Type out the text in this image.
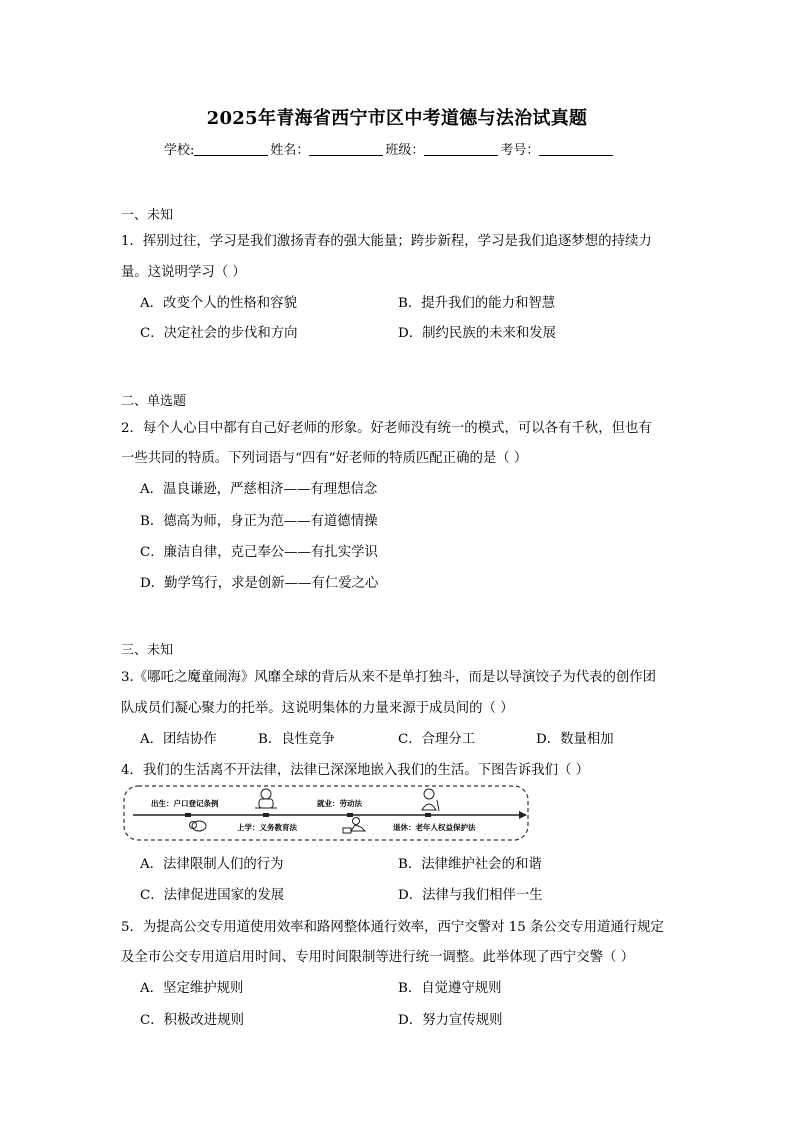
2025年青海省西宁市区中考道德与法治试真题
学校:	姓名：	班级：	考号：
一、未知
1．挥别过往，学习是我们激扬青春的强大能量；跨步新程，学习是我们追逐梦想的持续力
量。这说明学习（ ）
A．改变个人的性格和容貌	B．提升我们的能力和智慧
C．决定社会的步伐和方向	D．制约民族的未来和发展
二、单选题
2．每个人心目中都有自己好老师的形象。好老师没有统一的模式，可以各有千秋，但也有
一些共同的特质。下列词语与“四有”好老师的特质匹配正确的是（ ）
A．温良谦逊，严慈相济——有理想信念
B．德高为师，身正为范——有道德情操
C．廉洁自律，克己奉公——有扎实学识
D．勤学笃行，求是创新——有仁爱之心
三、未知
3.《哪吒之魔童闹海》风靡全球的背后从来不是单打独斗，而是以导演饺子为代表的创作团
队成员们凝心聚力的托举。这说明集体的力量来源于成员间的（ ）
A．团结协作	B．良性竞争	C．合理分工	D．数量相加
4．我们的生活离不开法律，法律已深深地嵌入我们的生活。下图告诉我们（ ）
出生：户口登记条例
上学：义务教育法
就业：劳动法
退休：老年人权益保护法
A．法律限制人们的行为	B．法律维护社会的和谐
C．法律促进国家的发展	D．法律与我们相伴一生
5．为提高公交专用道使用效率和路网整体通行效率，西宁交警对 15 条公交专用道通行规定
及全市公交专用道启用时间、专用时间限制等进行统一调整。此举体现了西宁交警（ ）
A．坚定维护规则	B．自觉遵守规则
C．积极改进规则	D．努力宣传规则
